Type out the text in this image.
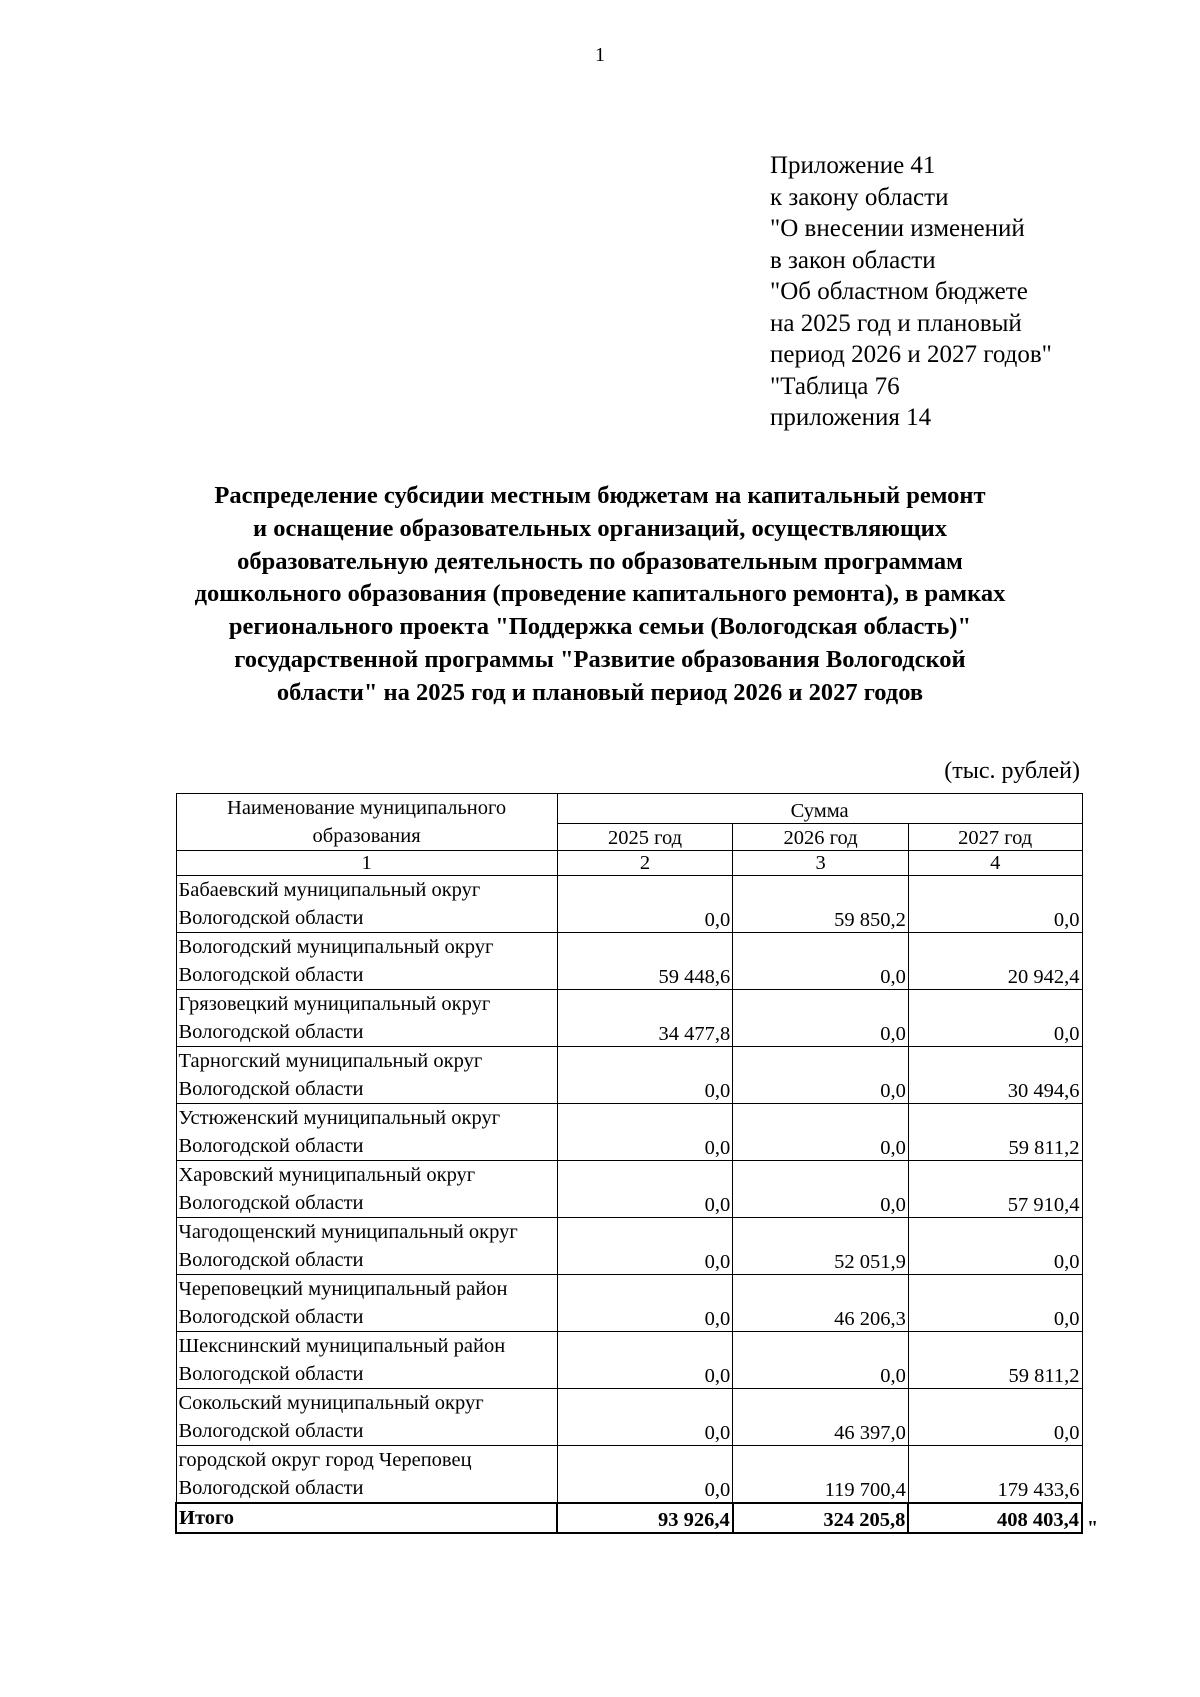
1
Приложение 41
к закону области
"О внесении изменений
в закон области
"Об областном бюджете
на 2025 год и плановый
период 2026 и 2027 годов"
"Таблица 76
приложения 14
Распределение субсидии местным бюджетам на капитальный ремонт
и оснащение образовательных организаций, осуществляющих
образовательную деятельность по образовательным программам
дошкольного образования (проведение капитального ремонта), в рамках
регионального проекта "Поддержка семьи (Вологодская область)"
государственной программы "Развитие образования Вологодской
области" на 2025 год и плановый период 2026 и 2027 годов
(тыс. рублей)
Наименование муниципального
образования	Сумма		
	2025 год	2026 год	2027 год
1	2	3	4

Бабаевский муниципальный округ
Вологодской области	0,0	59 850,2	0,0

Вологодский муниципальный округ
Вологодской области	59 448,6	0,0	20 942,4

Грязовецкий муниципальный округ
Вологодской области	34 477,8	0,0	0,0

Тарногский муниципальный округ
Вологодской области	0,0	0,0	30 494,6

Устюженский муниципальный округ
Вологодской области	0,0	0,0	59 811,2

Харовский муниципальный округ
Вологодской области	0,0	0,0	57 910,4

Чагодощенский муниципальный округ
Вологодской области	0,0	52 051,9	0,0

Череповецкий муниципальный район
Вологодской области	0,0	46 206,3	0,0

Шекснинский муниципальный район
Вологодской области	0,0	0,0	59 811,2

Сокольский муниципальный округ
Вологодской области	0,0	46 397,0	0,0

городской округ город Череповец
Вологодской области	0,0	119 700,4	179 433,6
Итого	93 926,4	324 205,8	408 403,4 "
